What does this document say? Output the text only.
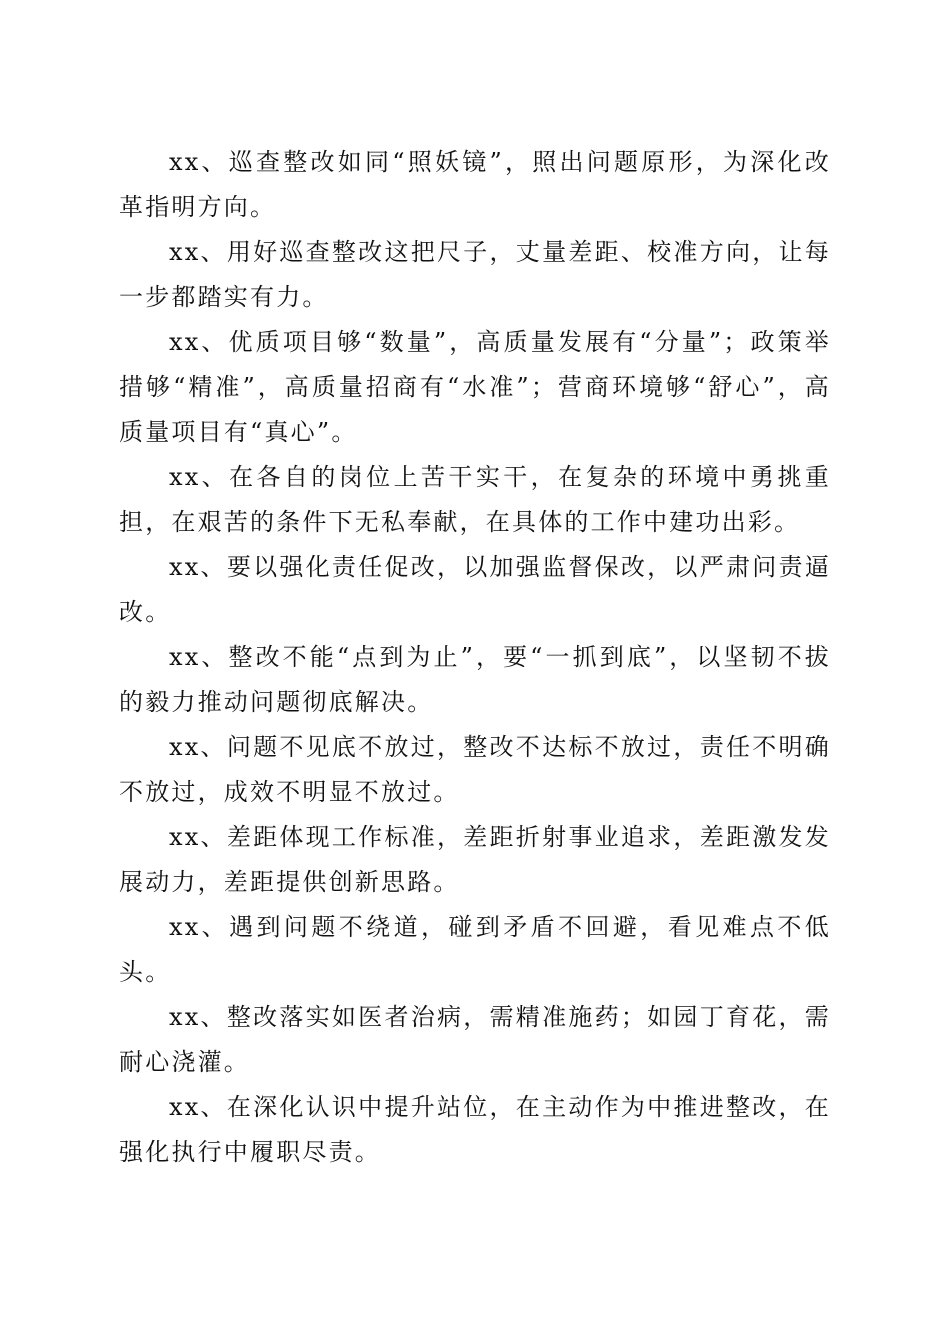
xx、巡查整改如同“照妖镜”，照出问题原形，为深化改革指明方向。

xx、用好巡查整改这把尺子，丈量差距、校准方向，让每一步都踏实有力。

xx、优质项目够“数量”，高质量发展有“分量”；政策举措够“精准”，高质量招商有“水准”；营商环境够“舒心”，高质量项目有“真心”。

xx、在各自的岗位上苦干实干，在复杂的环境中勇挑重担，在艰苦的条件下无私奉献，在具体的工作中建功出彩。

xx、要以强化责任促改，以加强监督保改，以严肃问责逼改。

xx、整改不能“点到为止”，要“一抓到底”，以坚韧不拔的毅力推动问题彻底解决。

xx、问题不见底不放过，整改不达标不放过，责任不明确不放过，成效不明显不放过。

xx、差距体现工作标准，差距折射事业追求，差距激发发展动力，差距提供创新思路。

xx、遇到问题不绕道，碰到矛盾不回避，看见难点不低头。

xx、整改落实如医者治病，需精准施药；如园丁育花，需耐心浇灌。

xx、在深化认识中提升站位，在主动作为中推进整改，在强化执行中履职尽责。
